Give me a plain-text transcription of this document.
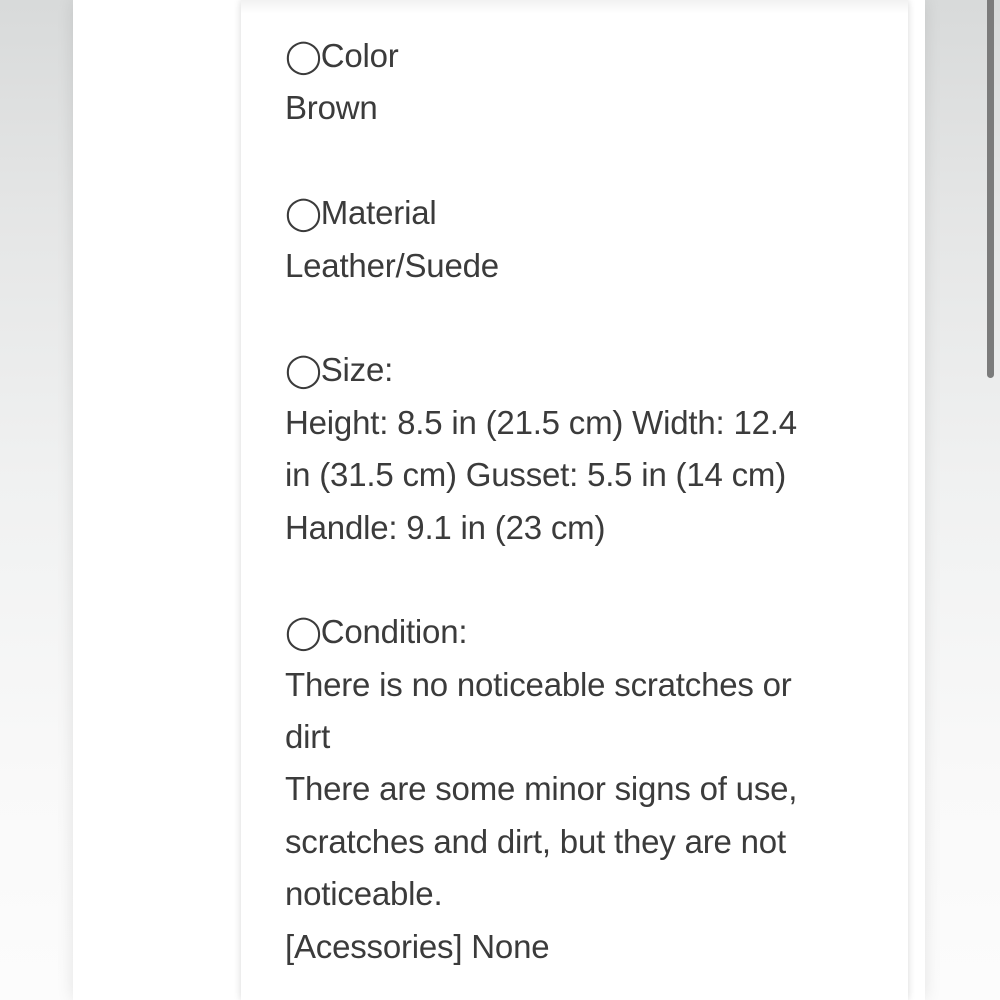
◯Color
Brown
◯Material
Leather/Suede
◯Size:
Height: 8.5 in (21.5 cm) Width: 12.4
in (31.5 cm) Gusset: 5.5 in (14 cm)
Handle: 9.1 in (23 cm)
◯Condition:
There is no noticeable scratches or
dirt
There are some minor signs of use,
scratches and dirt, but they are not
noticeable.
[Acessories] None
